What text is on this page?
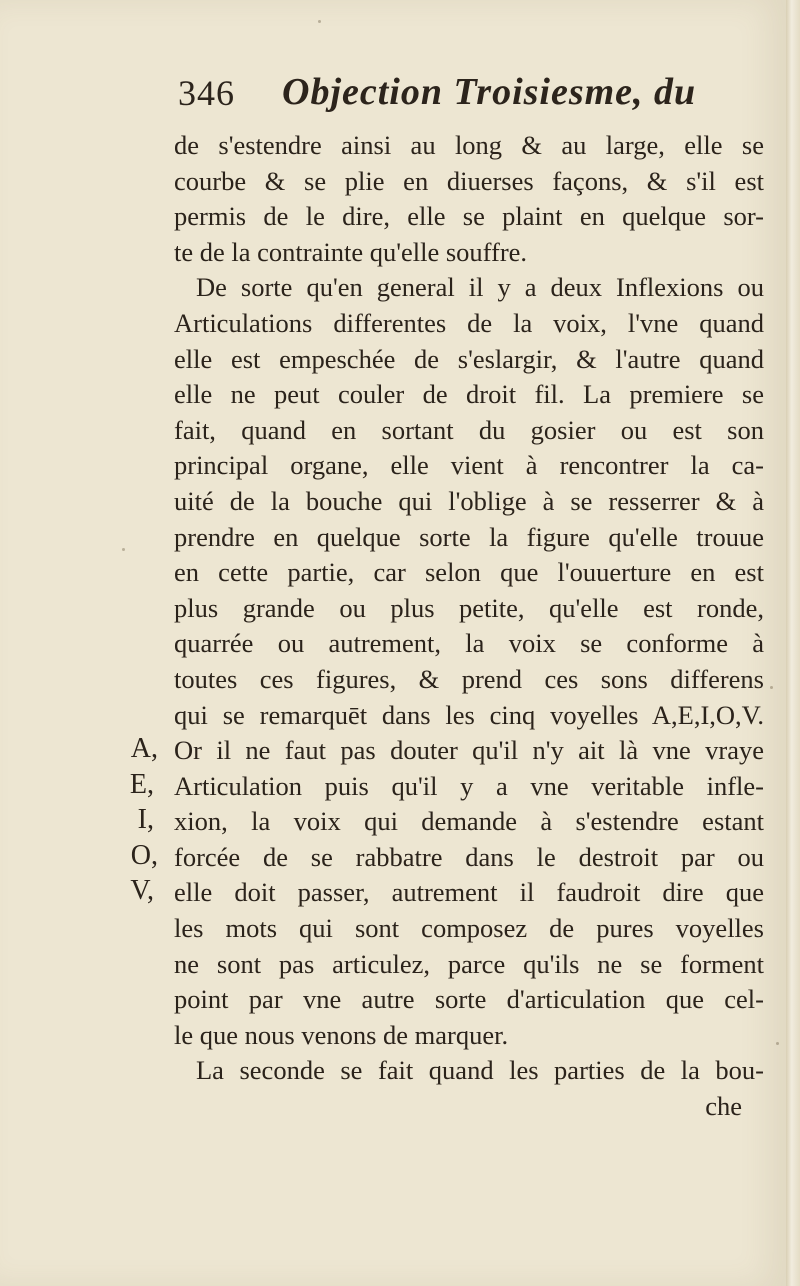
346 Objection Troisiesme, du
de s'estendre ainsi au long & au large, elle se
courbe & se plie en diuerses façons, & s'il est
permis de le dire, elle se plaint en quelque sor-
te de la contrainte qu'elle souffre.
De sorte qu'en general il y a deux Inflexions ou
Articulations differentes de la voix, l'vne quand
elle est empeschée de s'eslargir, & l'autre quand
elle ne peut couler de droit fil. La premiere se
fait, quand en sortant du gosier ou est son
principal organe, elle vient à rencontrer la ca-
uité de la bouche qui l'oblige à se resserrer & à
prendre en quelque sorte la figure qu'elle trouue
en cette partie, car selon que l'ouuerture en est
plus grande ou plus petite, qu'elle est ronde,
quarrée ou autrement, la voix se conforme à
toutes ces figures, & prend ces sons differens
qui se remarquēt dans les cinq voyelles A,E,I,O,V.
Or il ne faut pas douter qu'il n'y ait là vne vraye
Articulation puis qu'il y a vne veritable infle-
xion, la voix qui demande à s'estendre estant
forcée de se rabbatre dans le destroit par ou
elle doit passer, autrement il faudroit dire que
les mots qui sont composez de pures voyelles
ne sont pas articulez, parce qu'ils ne se forment
point par vne autre sorte d'articulation que cel-
le que nous venons de marquer.
La seconde se fait quand les parties de la bou-
che
A,
E,
I,
O,
V,
